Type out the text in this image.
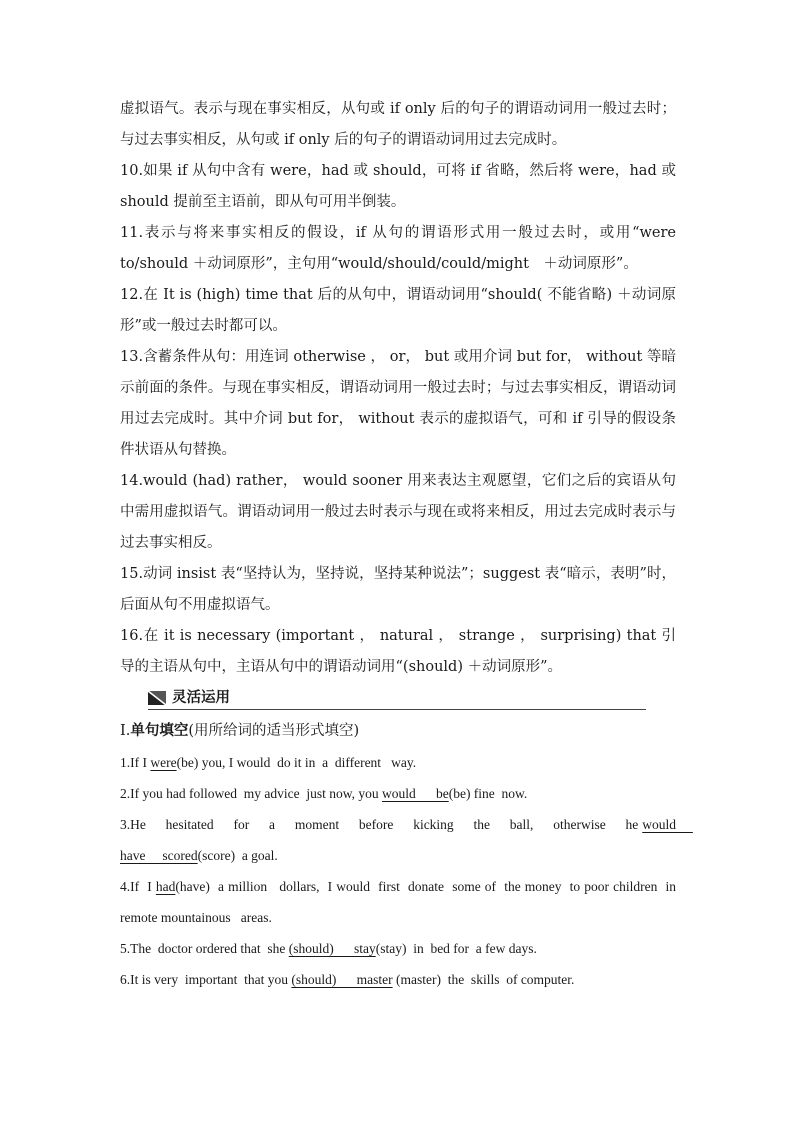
虚拟语气。表示与现在事实相反，从句或 if only 后的句子的谓语动词用一般过去时；与过去事实相反，从句或 if only 后的句子的谓语动词用过去完成时。

10.如果 if 从句中含有 were，had 或 should，可将 if 省略，然后将 were，had 或 should 提前至主语前，即从句可用半倒装。

11.表示与将来事实相反的假设，if 从句的谓语形式用一般过去时，或用“were to/should ＋动词原形”，主句用“would/should/could/might　＋动词原形”。

12.在 It is (high) time that 后的从句中，谓语动词用“should( 不能省略) ＋动词原形”或一般过去时都可以。

13.含蓄条件从句：用连词 otherwise ， or， but 或用介词 but for， without 等暗示前面的条件。与现在事实相反，谓语动词用一般过去时；与过去事实相反，谓语动词用过去完成时。其中介词 but for， without 表示的虚拟语气，可和 if 引导的假设条件状语从句替换。

14.would (had) rather， would sooner 用来表达主观愿望，它们之后的宾语从句中需用虚拟语气。谓语动词用一般过去时表示与现在或将来相反，用过去完成时表示与过去事实相反。

15.动词 insist 表“坚持认为，坚持说，坚持某种说法”；suggest 表“暗示，表明”时，后面从句不用虚拟语气。

16.在 it is necessary (important ， natural ， strange ， surprising) that 引导的主语从句中，主语从句中的谓语动词用“(should) ＋动词原形”。

灵活运用

Ⅰ.单句填空(用所给词的适当形式填空)

1.If I were(be) you, I would  do it in  a  different   way.

2.If you had followed  my advice  just now, you would      be(be) fine  now.

3.He     hesitated     for     a     moment     before     kicking     the     ball,     otherwise     he would     have     scored(score)  a goal.

4.If  I had(have)  a million   dollars,  I would  first  donate  some of  the money  to poor children  in remote mountainous   areas.

5.The  doctor ordered that  she (should)      stay(stay)  in  bed for  a few days.

6.It is very  important  that you (should)      master (master)  the  skills  of computer.
